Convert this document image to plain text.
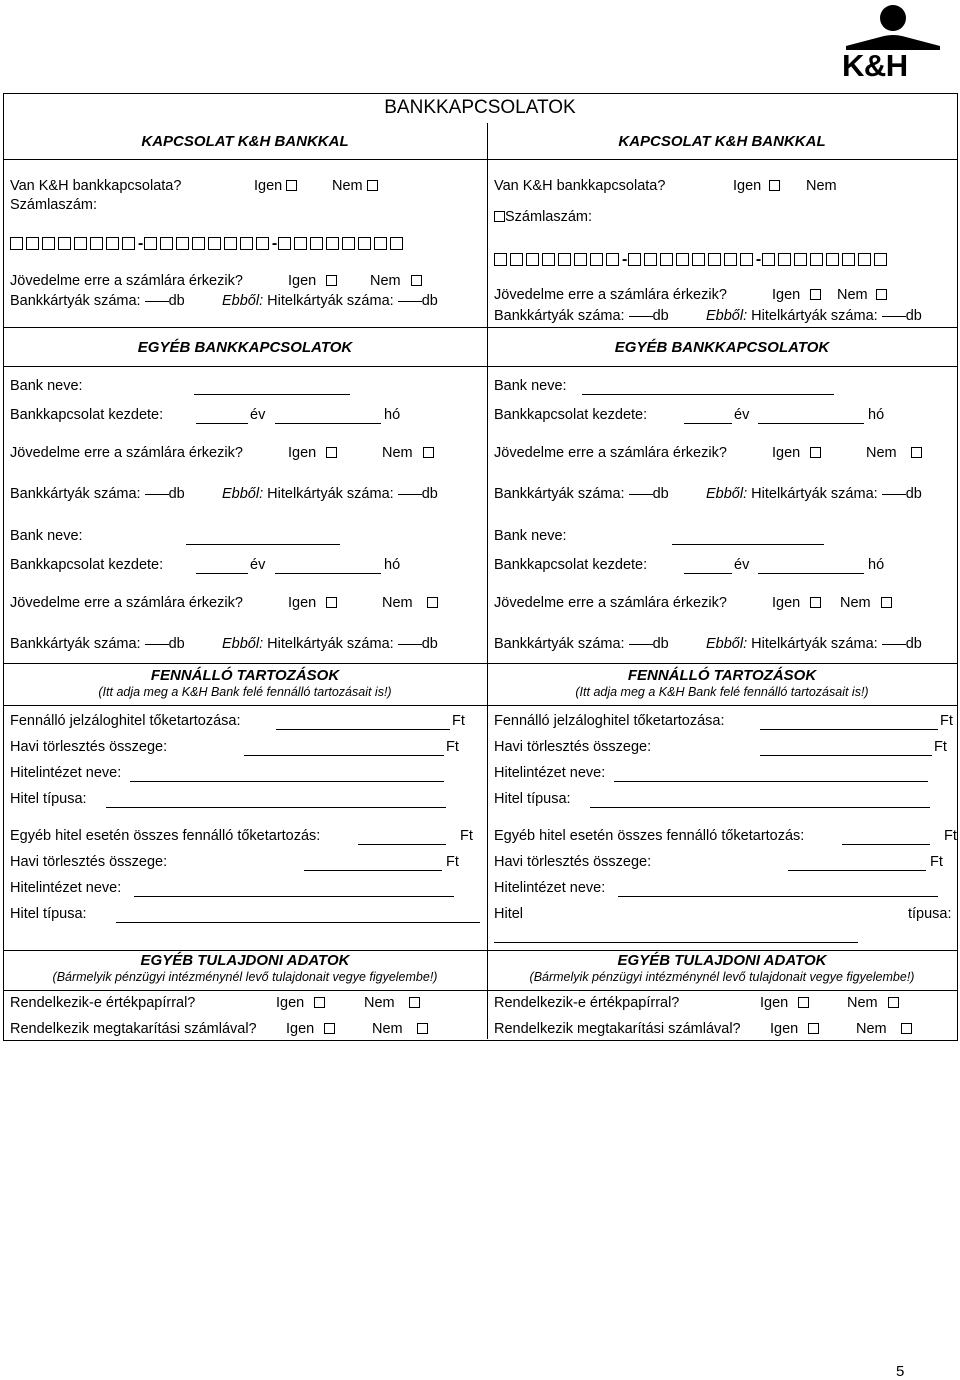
K&H
BANKKAPCSOLATOK
KAPCSOLAT K&H BANKKAL
Van K&H bankkapcsolata?	Igen	Nem
Számlaszám:
-	-
Jövedelme erre a számlára érkezik?	Igen	Nem
Bankkártyák száma: db	Ebből: Hitelkártyák száma: db
EGYÉB BANKKAPCSOLATOK
Bank neve:
Bankkapcsolat kezdete:	év	hó
Jövedelme erre a számlára érkezik?	Igen	Nem
Bankkártyák száma: db	Ebből: Hitelkártyák száma: db
Bank neve:
Bankkapcsolat kezdete:	év	hó
Jövedelme erre a számlára érkezik?	Igen	Nem
Bankkártyák száma: db	Ebből: Hitelkártyák száma: db
FENNÁLLÓ TARTOZÁSOK
(Itt adja meg a K&H Bank felé fennálló tartozásait is!)
Fennálló jelzáloghitel tőketartozása:	Ft
Havi törlesztés összege:	Ft
Hitelintézet neve:
Hitel típusa:
Egyéb hitel esetén összes fennálló tőketartozás:	Ft
Havi törlesztés összege:	Ft
Hitelintézet neve:
Hitel típusa:
EGYÉB TULAJDONI ADATOK
(Bármelyik pénzügyi intézménynél levő tulajdonait vegye figyelembe!)
Rendelkezik-e értékpapírral?	Igen	Nem
Rendelkezik megtakarítási számlával? Igen	Nem
KAPCSOLAT K&H BANKKAL
Van K&H bankkapcsolata?	Igen	Nem
Számlaszám:
-	-
Jövedelme erre a számlára érkezik?	Igen	Nem
Bankkártyák száma: db	Ebből: Hitelkártyák száma: db
EGYÉB BANKKAPCSOLATOK
Bank neve:
Bankkapcsolat kezdete:	év	hó
Jövedelme erre a számlára érkezik?	Igen	Nem
Bankkártyák száma: db	Ebből: Hitelkártyák száma: db
Bank neve:
Bankkapcsolat kezdete:	év	hó
Jövedelme erre a számlára érkezik?	Igen	Nem
Bankkártyák száma: db	Ebből: Hitelkártyák száma: db
FENNÁLLÓ TARTOZÁSOK
(Itt adja meg a K&H Bank felé fennálló tartozásait is!)
Fennálló jelzáloghitel tőketartozása:	Ft
Havi törlesztés összege:	Ft
Hitelintézet neve:
Hitel típusa:
Egyéb hitel esetén összes fennálló tőketartozás:	Ft
Havi törlesztés összege:	Ft
Hitelintézet neve:
Hitel	típusa:
EGYÉB TULAJDONI ADATOK
(Bármelyik pénzügyi intézménynél levő tulajdonait vegye figyelembe!)
Rendelkezik-e értékpapírral?	Igen	Nem
Rendelkezik megtakarítási számlával? Igen	Nem
5
